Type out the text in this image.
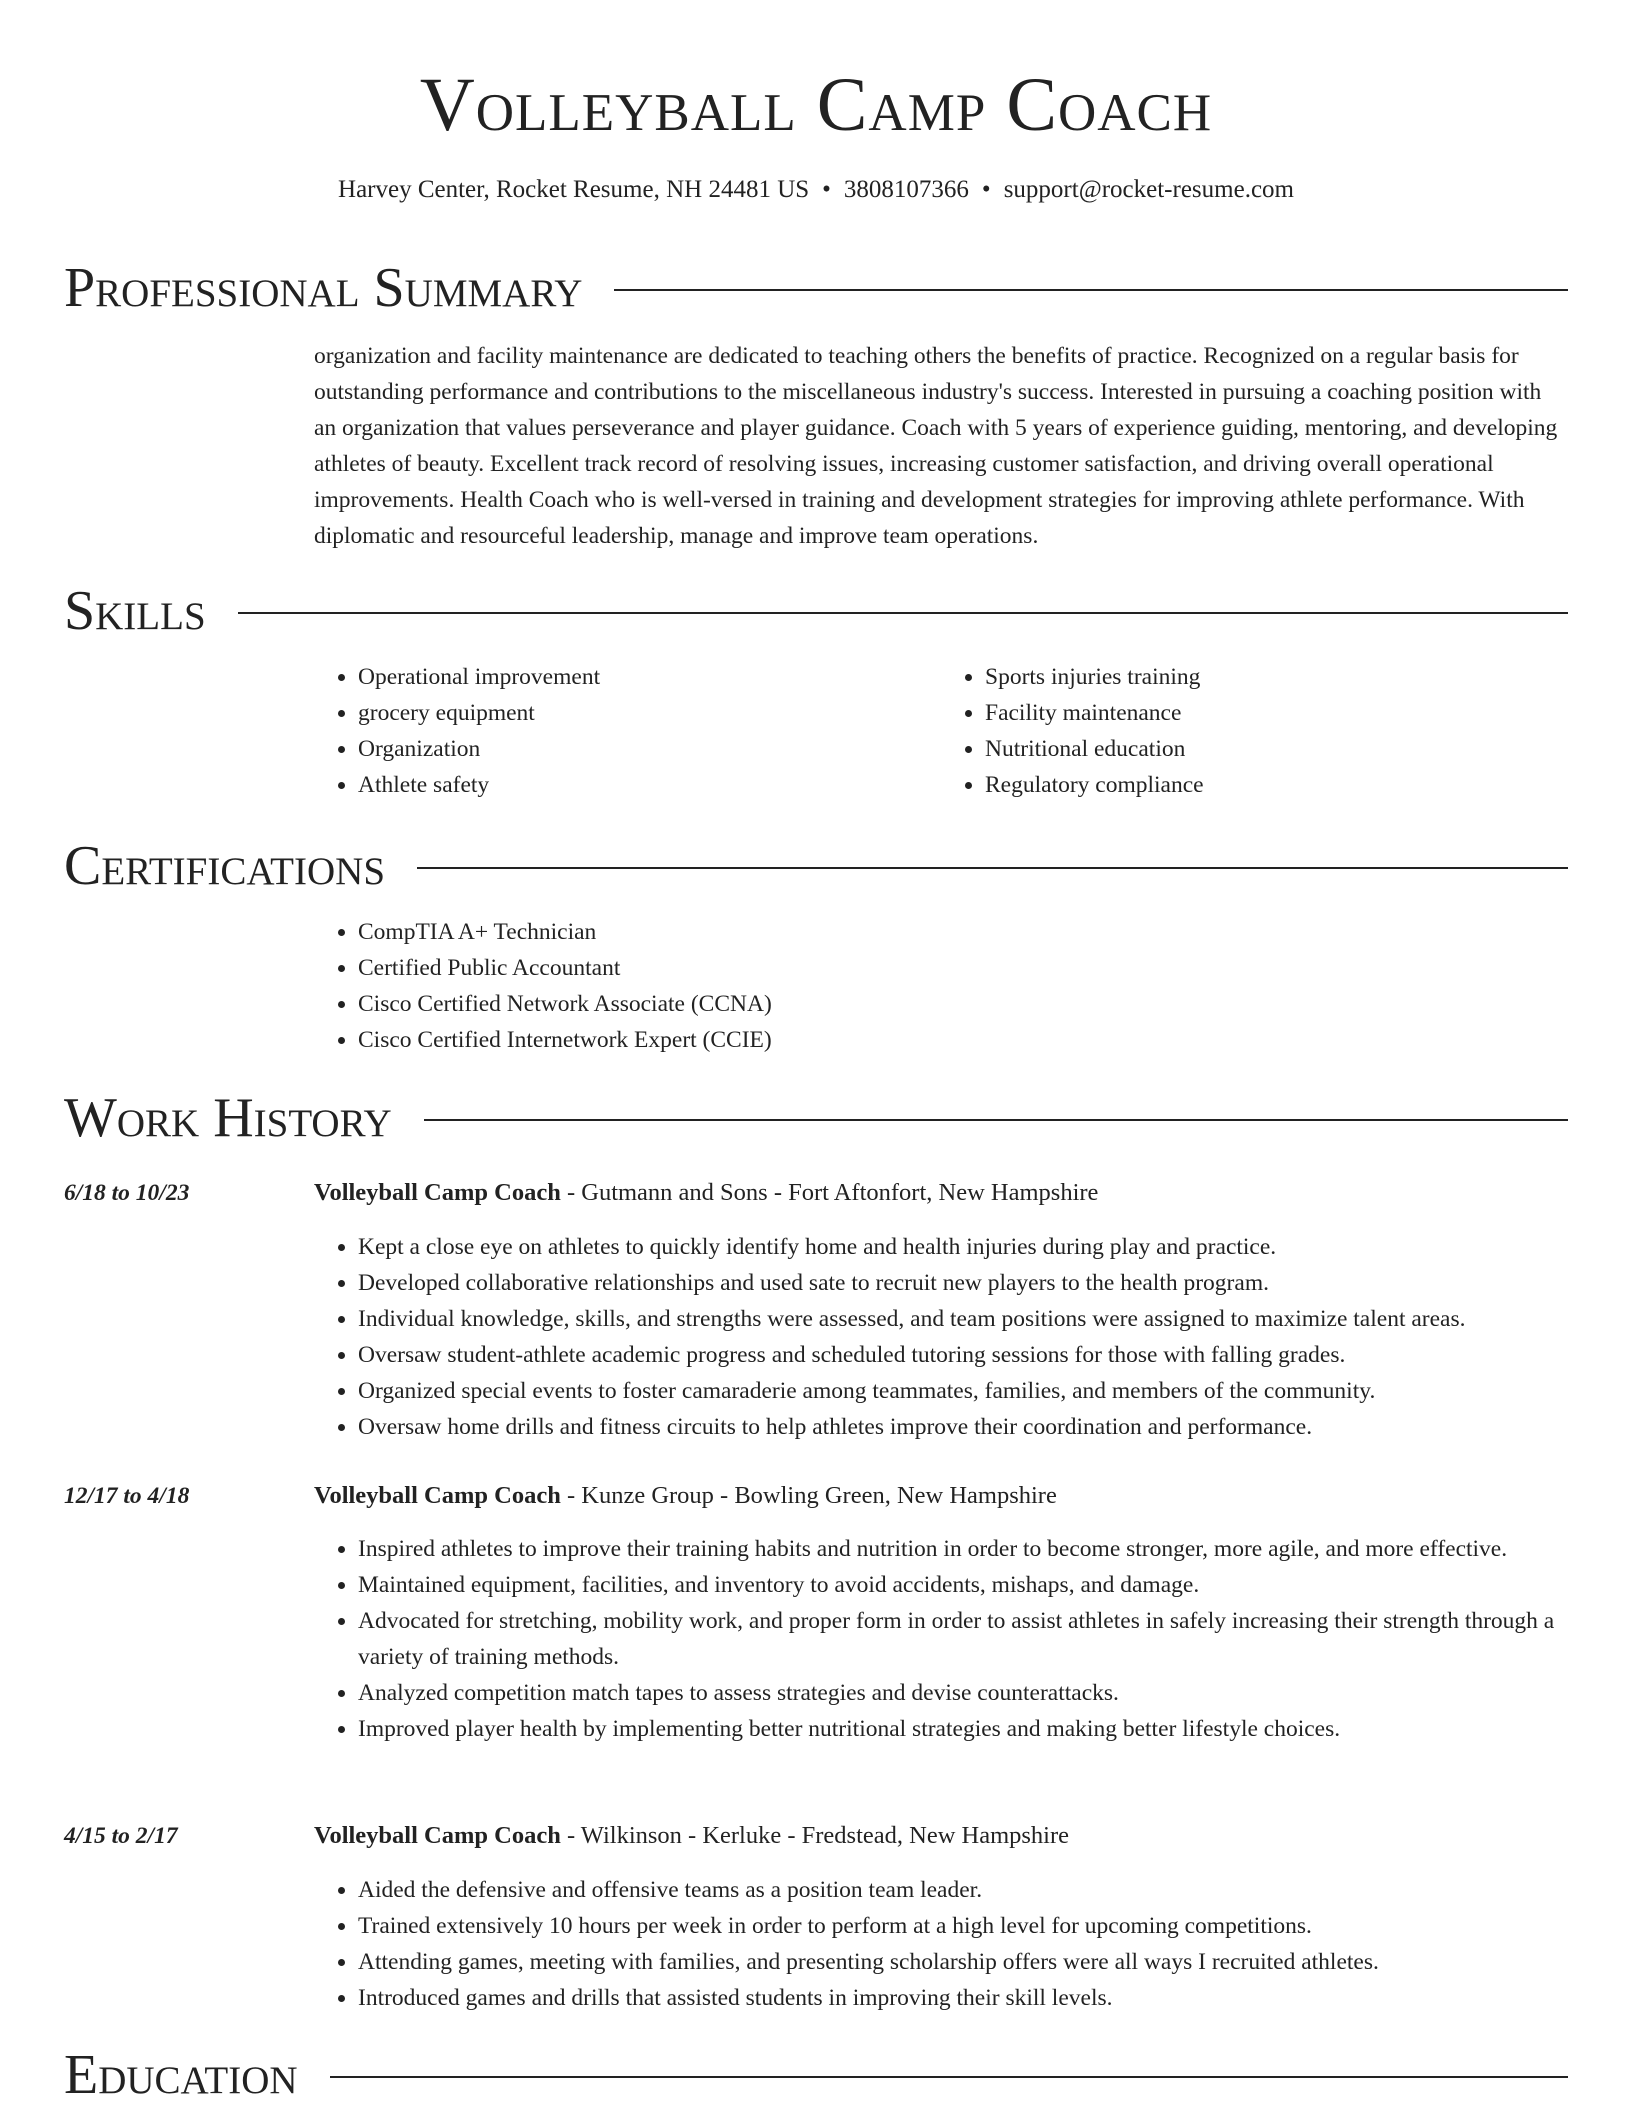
Volleyball Camp Coach
Harvey Center, Rocket Resume, NH 24481 US • 3808107366 • support@rocket-resume.com
Professional Summary
organization and facility maintenance are dedicated to teaching others the benefits of practice. Recognized on a regular basis for outstanding performance and contributions to the miscellaneous industry's success. Interested in pursuing a coaching position with an organization that values perseverance and player guidance. Coach with 5 years of experience guiding, mentoring, and developing athletes of beauty. Excellent track record of resolving issues, increasing customer satisfaction, and driving overall operational improvements. Health Coach who is well-versed in training and development strategies for improving athlete performance. With diplomatic and resourceful leadership, manage and improve team operations.
Skills
• Operational improvement
• grocery equipment
• Organization
• Athlete safety
• Sports injuries training
• Facility maintenance
• Nutritional education
• Regulatory compliance
Certifications
• CompTIA A+ Technician
• Certified Public Accountant
• Cisco Certified Network Associate (CCNA)
• Cisco Certified Internetwork Expert (CCIE)
Work History
6/18 to 10/23	Volleyball Camp Coach - Gutmann and Sons - Fort Aftonfort, New Hampshire
• Kept a close eye on athletes to quickly identify home and health injuries during play and practice.
• Developed collaborative relationships and used sate to recruit new players to the health program.
• Individual knowledge, skills, and strengths were assessed, and team positions were assigned to maximize talent areas.
• Oversaw student-athlete academic progress and scheduled tutoring sessions for those with falling grades.
• Organized special events to foster camaraderie among teammates, families, and members of the community.
• Oversaw home drills and fitness circuits to help athletes improve their coordination and performance.
12/17 to 4/18	Volleyball Camp Coach - Kunze Group - Bowling Green, New Hampshire
• Inspired athletes to improve their training habits and nutrition in order to become stronger, more agile, and more effective.
• Maintained equipment, facilities, and inventory to avoid accidents, mishaps, and damage.
• Advocated for stretching, mobility work, and proper form in order to assist athletes in safely increasing their strength through a variety of training methods.
• Analyzed competition match tapes to assess strategies and devise counterattacks.
• Improved player health by implementing better nutritional strategies and making better lifestyle choices.
4/15 to 2/17	Volleyball Camp Coach - Wilkinson - Kerluke - Fredstead, New Hampshire
• Aided the defensive and offensive teams as a position team leader.
• Trained extensively 10 hours per week in order to perform at a high level for upcoming competitions.
• Attending games, meeting with families, and presenting scholarship offers were all ways I recruited athletes.
• Introduced games and drills that assisted students in improving their skill levels.
Education
